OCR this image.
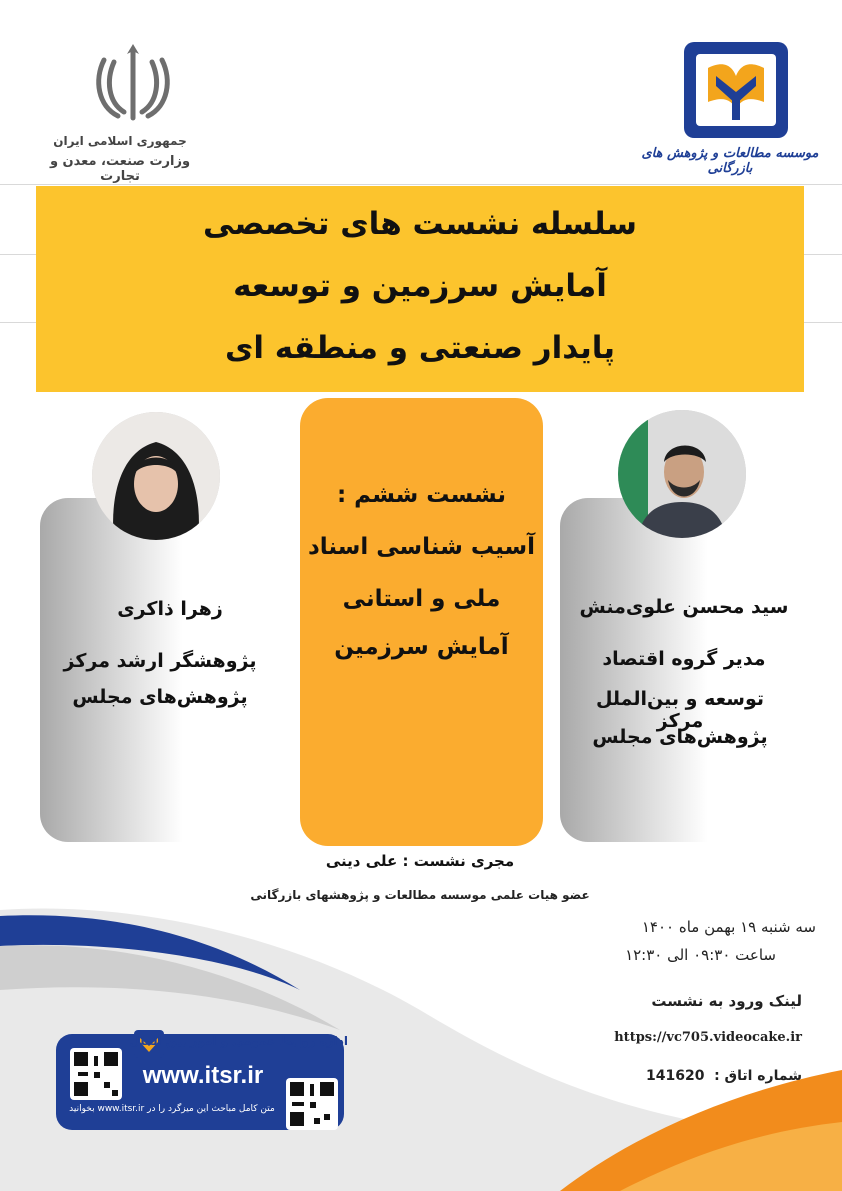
جمهوری اسلامی ایران
وزارت صنعت، معدن و تجارت
موسسه مطالعات و پژوهش های بازرگانی
سلسله نشست های تخصصی
آمایش سرزمین و توسعه
پایدار صنعتی و منطقه ای
زهرا ذاکری
پژوهشگر ارشد مرکز
پژوهش‌های مجلس
سید محسن علوی‌منش
مدیر گروه اقتصاد
توسعه و بین‌الملل مرکز
پژوهش‌های مجلس
نشست ششم :
آسیب شناسی اسناد
ملی و استانی
آمایش سرزمین
مجری نشست : علی دینی
عضو هیات علمی موسسه مطالعات و پژوهشهای بازرگانی
سه شنبه ۱۹ بهمن ماه ۱۴۰۰
ساعت ۰۹:۳۰ الی ۱۲:۳۰
لینک ورود به نشست
https://vc705.videocake.ir
شماره اتاق :
141620
اداره روابط عمومی و امور بین الملل
www.itsr.ir
متن کامل مباحث این میزگرد را در www.itsr.ir بخوانید
